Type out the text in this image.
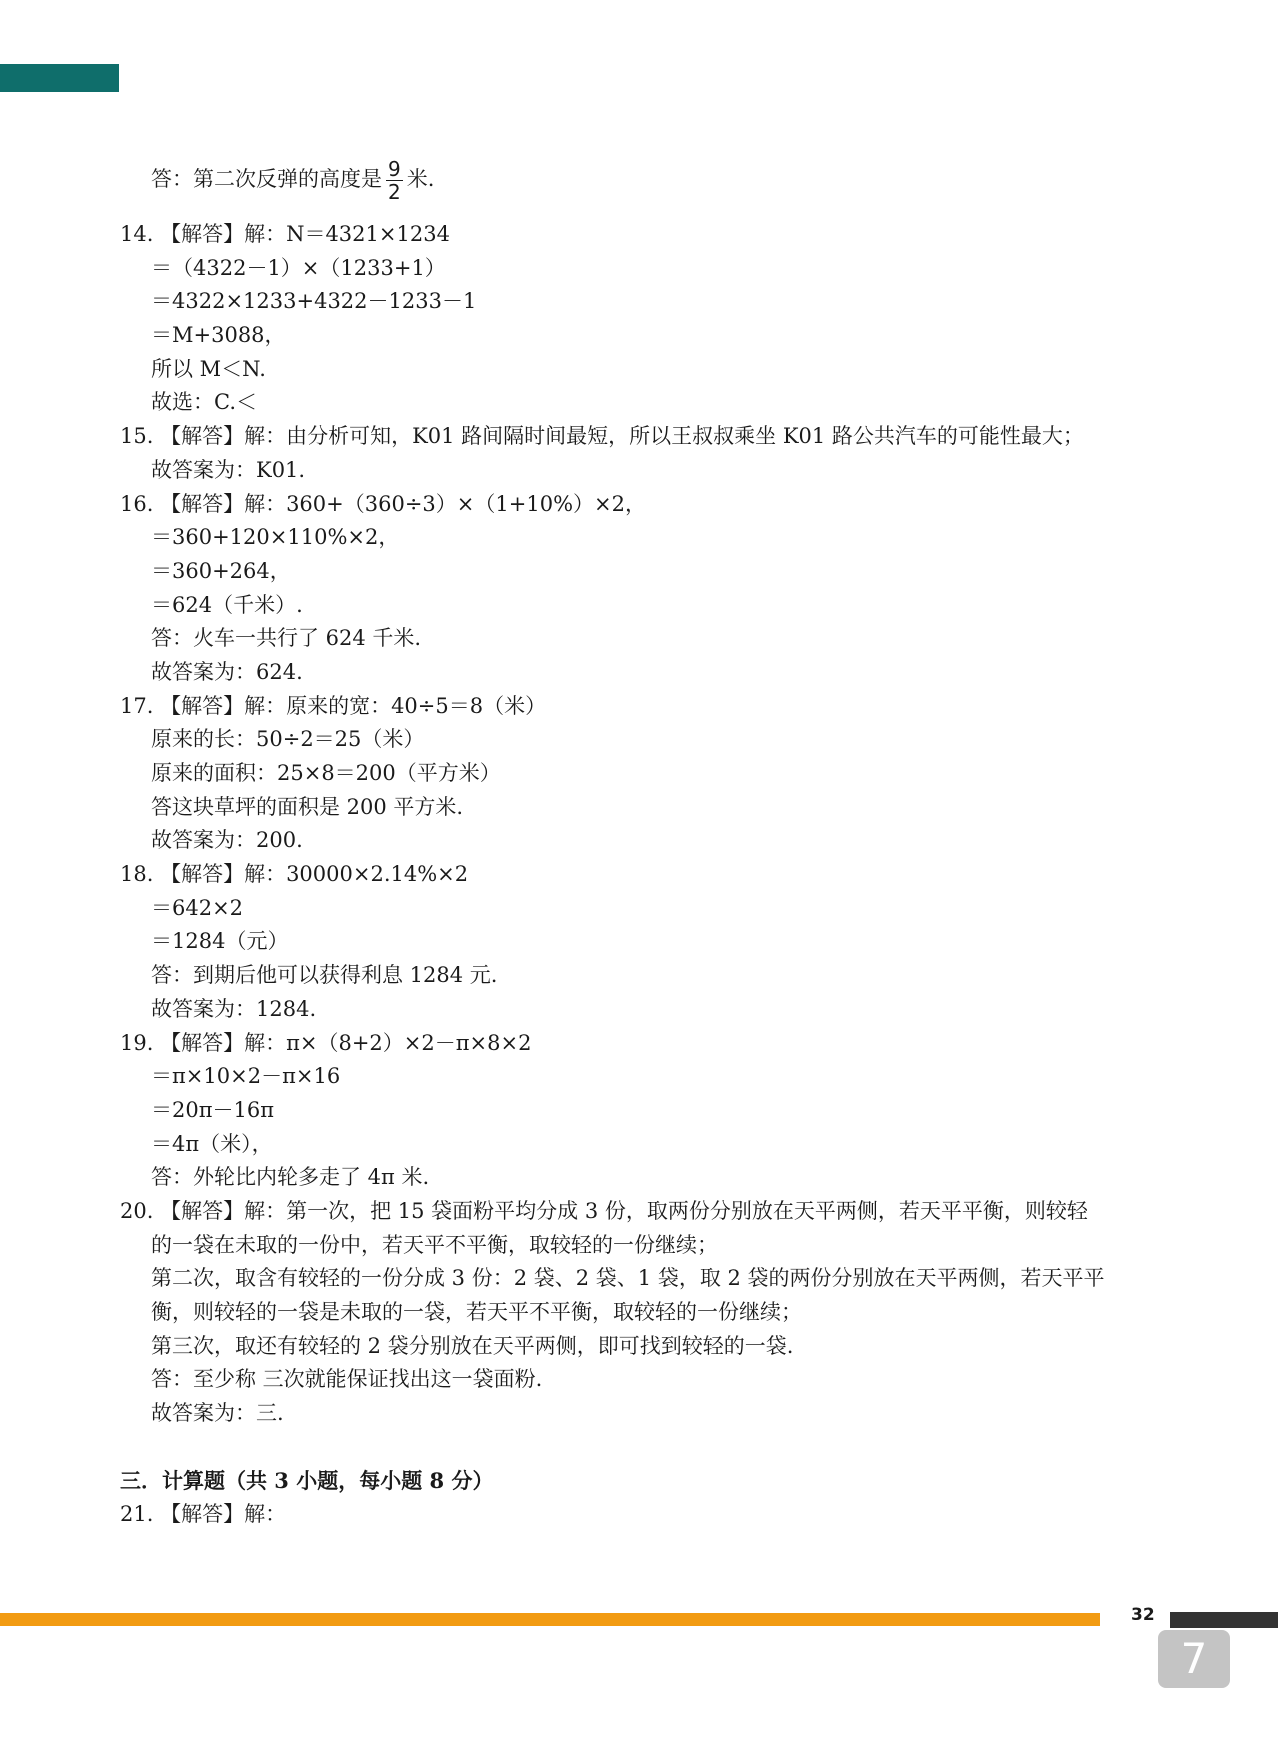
答：第二次反弹的高度是 $\frac{9}{2}$ 米.
14. 【解答】解：N＝4321×1234
＝（4322－1）×（1233+1）
＝4322×1233+4322－1233－1
＝M+3088，
所以 M＜N.
故选：C.＜
15. 【解答】解：由分析可知，K01 路间隔时间最短，所以王叔叔乘坐 K01 路公共汽车的可能性最大；
故答案为：K01.
16. 【解答】解：360+（360÷3）×（1+10%）×2，
＝360+120×110%×2，
＝360+264，
＝624（千米）.
答：火车一共行了 624 千米.
故答案为：624.
17. 【解答】解：原来的宽：40÷5＝8（米）
原来的长：50÷2＝25（米）
原来的面积：25×8＝200（平方米）
答这块草坪的面积是 200 平方米.
故答案为：200.
18. 【解答】解：30000×2.14%×2
＝642×2
＝1284（元）
答：到期后他可以获得利息 1284 元.
故答案为：1284.
19. 【解答】解：π×（8+2）×2－π×8×2
＝π×10×2－π×16
＝20π－16π
＝4π（米），
答：外轮比内轮多走了 4π 米.
20. 【解答】解：第一次，把 15 袋面粉平均分成 3 份，取两份分别放在天平两侧，若天平平衡，则较轻
的一袋在未取的一份中，若天平不平衡，取较轻的一份继续；
第二次，取含有较轻的一份分成 3 份：2 袋、2 袋、1 袋，取 2 袋的两份分别放在天平两侧，若天平平
衡，则较轻的一袋是未取的一袋，若天平不平衡，取较轻的一份继续；
第三次，取还有较轻的 2 袋分别放在天平两侧，即可找到较轻的一袋.
答：至少称 三次就能保证找出这一袋面粉.
故答案为：三.
三．计算题（共 3 小题，每小题 8 分）
21. 【解答】解：
32
7
